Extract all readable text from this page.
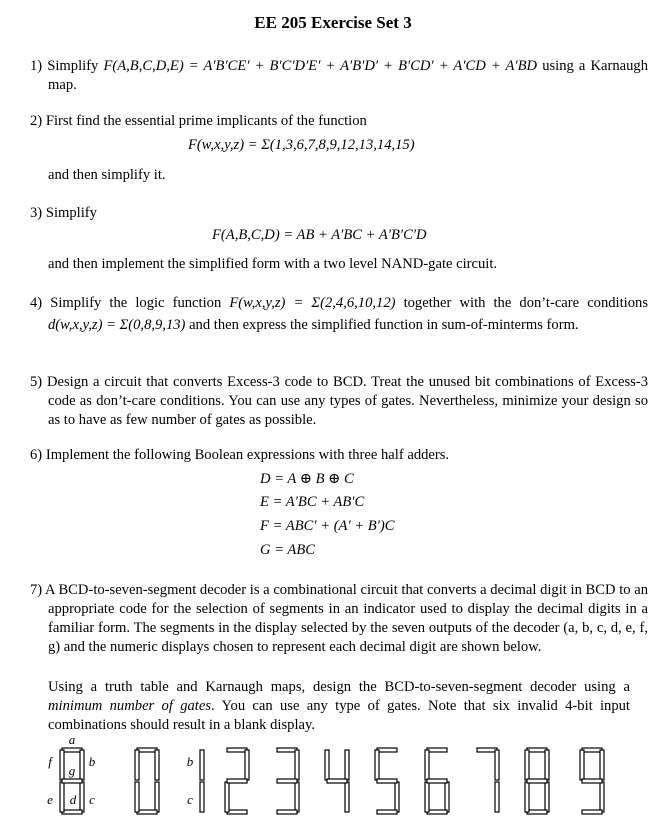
EE 205 Exercise Set 3
1) Simplify F(A,B,C,D,E) = A′B′CE′ + B′C′D′E′ + A′B′D′ + B′CD′ + A′CD + A′BD using a Karnaugh map.
2) First find the essential prime implicants of the function
F(w,x,y,z) = Σ(1,3,6,7,8,9,12,13,14,15)
and then simplify it.
3) Simplify
F(A,B,C,D) = AB + A′BC + A′B′C′D
and then implement the simplified form with a two level NAND-gate circuit.
4) Simplify the logic function F(w,x,y,z) = Σ(2,4,6,10,12) together with the don’t-care conditions d(w,x,y,z) = Σ(0,8,9,13) and then express the simplified function in sum-of-minterms form.
5) Design a circuit that converts Excess-3 code to BCD. Treat the unused bit combinations of Excess-3 code as don’t-care conditions. You can use any types of gates. Nevertheless, minimize your design so as to have as few number of gates as possible.
6) Implement the following Boolean expressions with three half adders.
D = A ⊕ B ⊕ C
E = A′BC + AB′C
F = ABC′ + (A′ + B′)C
G = ABC
7) A BCD-to-seven-segment decoder is a combinational circuit that converts a decimal digit in BCD to an appropriate code for the selection of segments in an indicator used to display the decimal digits in a familiar form. The segments in the display selected by the seven outputs of the decoder (a, b, c, d, e, f, g) and the numeric displays chosen to represent each decimal digit are shown below.
Using a truth table and Karnaugh maps, design the BCD-to-seven-segment decoder using a minimum number of gates. You can use any type of gates. Note that six invalid 4-bit input combinations should result in a blank display.
a
b
c
d
e
f
g
b
c
